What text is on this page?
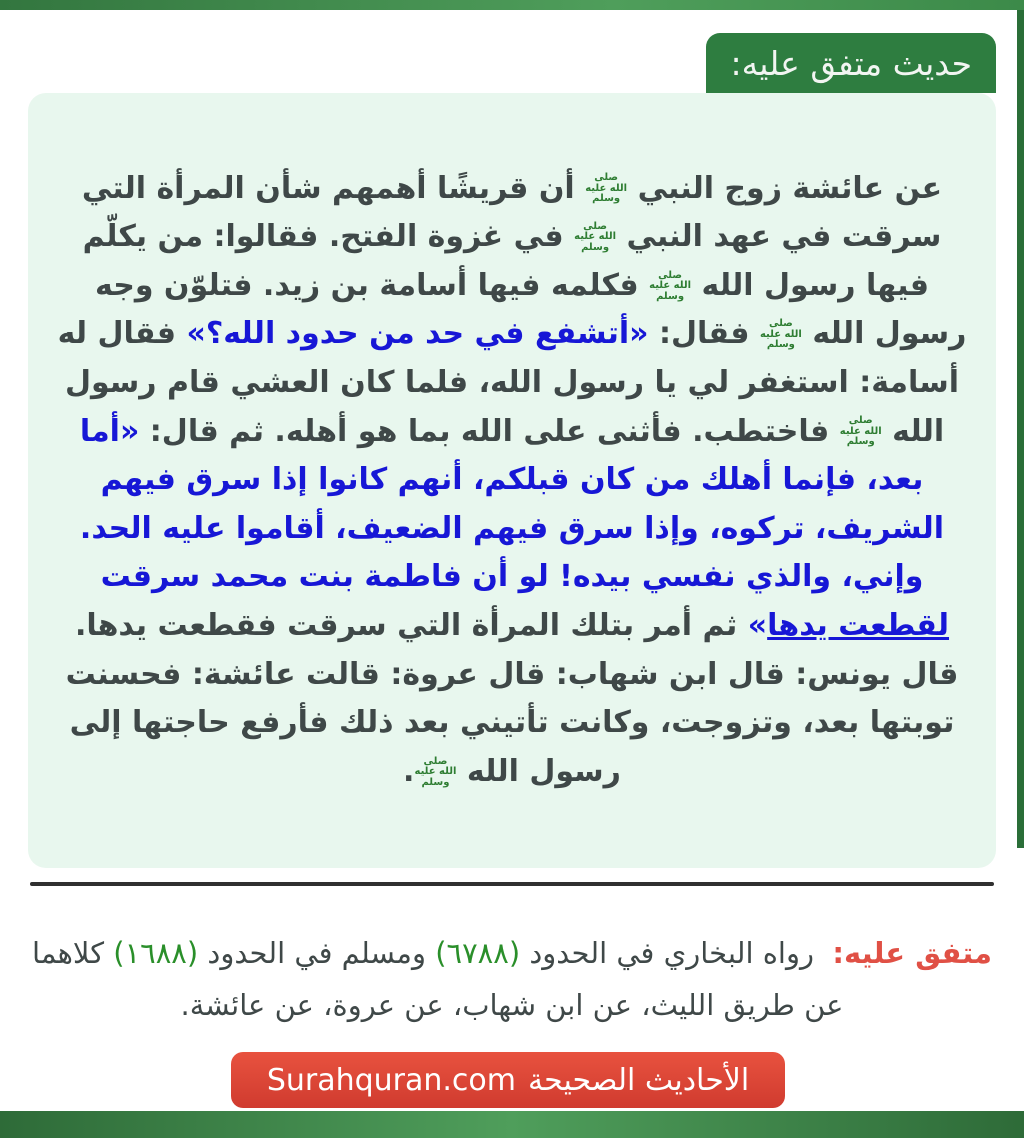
حديث متفق عليه:

عن عائشة زوج النبي صلى الله عليه وسلم أن قريشًا أهمهم شأن المرأة التي سرقت في عهد النبي صلى الله عليه وسلم في غزوة الفتح. فقالوا: من يكلّم فيها رسول الله صلى الله عليه وسلم فكلمه فيها أسامة بن زيد. فتلوّن وجه رسول الله صلى الله عليه وسلم فقال: «أتشفع في حد من حدود الله؟» فقال له أسامة: استغفر لي يا رسول الله، فلما كان العشي قام رسول الله صلى الله عليه وسلم فاختطب. فأثنى على الله بما هو أهله. ثم قال: «أما بعد، فإنما أهلك من كان قبلكم، أنهم كانوا إذا سرق فيهم الشريف، تركوه، وإذا سرق فيهم الضعيف، أقاموا عليه الحد. وإني، والذي نفسي بيده! لو أن فاطمة بنت محمد سرقت لقطعت يدها» ثم أمر بتلك المرأة التي سرقت فقطعت يدها. قال يونس: قال ابن شهاب: قال عروة: قالت عائشة: فحسنت توبتها بعد، وتزوجت، وكانت تأتيني بعد ذلك فأرفع حاجتها إلى رسول الله صلى الله عليه وسلم.

متفق عليه:  رواه البخاري في الحدود (٦٧٨٨) ومسلم في الحدود (١٦٨٨) كلاهما عن طريق الليث، عن ابن شهاب، عن عروة، عن عائشة.

الأحاديث الصحيحة
Surahquran.com
